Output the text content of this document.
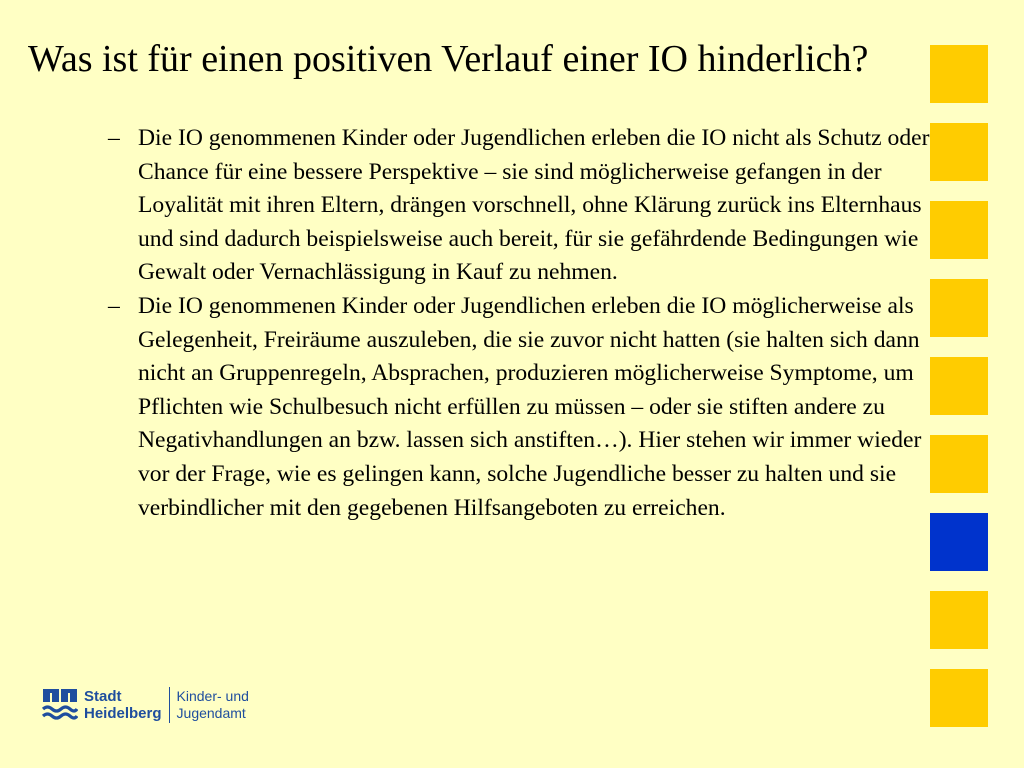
Was ist für einen positiven Verlauf einer IO hinderlich?
– Die IO genommenen Kinder oder Jugendlichen erleben die IO nicht als Schutz oder Chance für eine bessere Perspektive – sie sind möglicherweise gefangen in der Loyalität mit ihren Eltern, drängen vorschnell, ohne Klärung zurück ins Elternhaus und sind dadurch beispielsweise auch bereit, für sie gefährdende Bedingungen wie Gewalt oder Vernachlässigung in Kauf zu nehmen.
– Die IO genommenen Kinder oder Jugendlichen erleben die IO möglicherweise als Gelegenheit, Freiräume auszuleben, die sie zuvor nicht hatten (sie halten sich dann nicht an Gruppenregeln, Absprachen, produzieren möglicherweise Symptome, um Pflichten wie Schulbesuch nicht erfüllen zu müssen – oder sie stiften andere zu Negativhandlungen an bzw. lassen sich anstiften…). Hier stehen wir immer wieder vor der Frage, wie es gelingen kann, solche Jugendliche besser zu halten und sie verbindlicher mit den gegebenen Hilfsangeboten zu erreichen.
Stadt
Heidelberg
Kinder- und
Jugendamt
